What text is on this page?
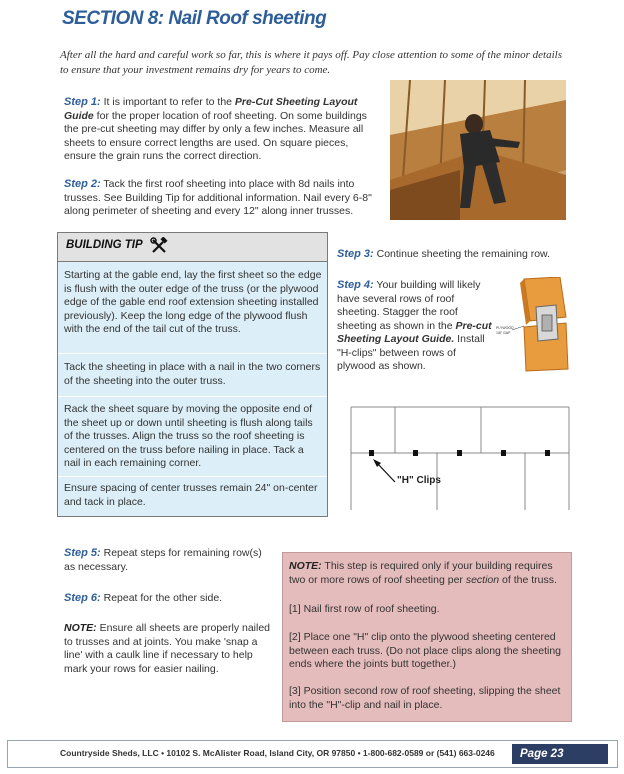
SECTION 8: Nail Roof sheeting
After all the hard and careful work so far, this is where it pays off. Pay close attention to some of the minor details to ensure that your investment remains dry for years to come.
Step 1: It is important to refer to the Pre-Cut Sheeting Layout Guide for the proper location of roof sheeting. On some buildings the pre-cut sheeting may differ by only a few inches. Measure all sheets to ensure correct lengths are used. On square pieces, ensure the grain runs the correct direction.
Step 2: Tack the first roof sheeting into place with 8d nails into trusses. See Building Tip for additional information. Nail every 6-8" along perimeter of sheeting and every 12" along inner trusses.
BUILDING TIP
Starting at the gable end, lay the first sheet so the edge is flush with the outer edge of the truss (or the plywood edge of the gable end roof extension sheeting installed previously). Keep the long edge of the plywood flush with the end of the tail cut of the truss.
Tack the sheeting in place with a nail in the two corners of the sheeting into the outer truss.
Rack the sheet square by moving the opposite end of the sheet up or down until sheeting is flush along tails of the trusses. Align the truss so the roof sheeting is centered on the truss before nailing in place. Tack a nail in each remaining corner.
Ensure spacing of center trusses remain 24" on-center and tack in place.
Step 3: Continue sheeting the remaining row.
Step 4: Your building will likely have several rows of roof sheeting. Stagger the roof sheeting as shown in the Pre-cut Sheeting Layout Guide. Install "H-clips" between rows of plywood as shown.
PLYWOOD
1/8" GAP
"H" Clips
Step 5: Repeat steps for remaining row(s) as necessary.
Step 6: Repeat for the other side.
NOTE: Ensure all sheets are properly nailed to trusses and at joints. You make 'snap a line' with a caulk line if necessary to help mark your rows for easier nailing.
NOTE: This step is required only if your building requires two or more rows of roof sheeting per section of the truss.
[1] Nail first row of roof sheeting.
[2] Place one "H" clip onto the plywood sheeting centered between each truss. (Do not place clips along the sheeting ends where the joints butt together.)
[3] Position second row of roof sheeting, slipping the sheet into the "H"-clip and nail in place.
Countryside Sheds, LLC • 10102 S. McAlister Road, Island City, OR 97850 • 1-800-682-0589 or (541) 663-0246	Page 23
